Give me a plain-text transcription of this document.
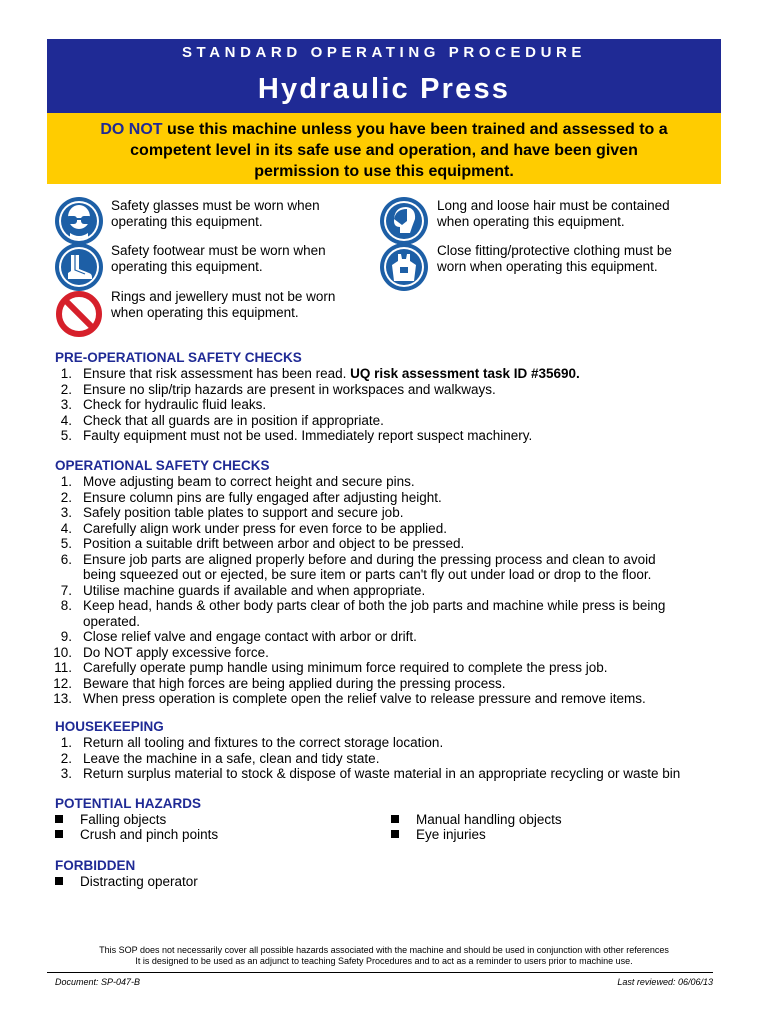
STANDARD OPERATING PROCEDURE
Hydraulic Press
DO NOT use this machine unless you have been trained and assessed to a
competent level in its safe use and operation, and have been given
permission to use this equipment.
Safety glasses must be worn when
operating this equipment.
Safety footwear must be worn when
operating this equipment.
Rings and jewellery must not be worn
when operating this equipment.
Long and loose hair must be contained
when operating this equipment.
Close fitting/protective clothing must be
worn when operating this equipment.
PRE-OPERATIONAL SAFETY CHECKS
1. Ensure that risk assessment has been read. UQ risk assessment task ID #35690.
2. Ensure no slip/trip hazards are present in workspaces and walkways.
3. Check for hydraulic fluid leaks.
4. Check that all guards are in position if appropriate.
5. Faulty equipment must not be used. Immediately report suspect machinery.
OPERATIONAL SAFETY CHECKS
1. Move adjusting beam to correct height and secure pins.
2. Ensure column pins are fully engaged after adjusting height.
3. Safely position table plates to support and secure job.
4. Carefully align work under press for even force to be applied.
5. Position a suitable drift between arbor and object to be pressed.
6. Ensure job parts are aligned properly before and during the pressing process and clean to avoid
being squeezed out or ejected, be sure item or parts can't fly out under load or drop to the floor.
7. Utilise machine guards if available and when appropriate.
8. Keep head, hands & other body parts clear of both the job parts and machine while press is being
operated.
9. Close relief valve and engage contact with arbor or drift.
10. Do NOT apply excessive force.
11. Carefully operate pump handle using minimum force required to complete the press job.
12. Beware that high forces are being applied during the pressing process.
13. When press operation is complete open the relief valve to release pressure and remove items.
HOUSEKEEPING
1. Return all tooling and fixtures to the correct storage location.
2. Leave the machine in a safe, clean and tidy state.
3. Return surplus material to stock & dispose of waste material in an appropriate recycling or waste bin
POTENTIAL HAZARDS
Falling objects
Crush and pinch points
Manual handling objects
Eye injuries
FORBIDDEN
Distracting operator
This SOP does not necessarily cover all possible hazards associated with the machine and should be used in conjunction with other references
It is designed to be used as an adjunct to teaching Safety Procedures and to act as a reminder to users prior to machine use.
Document: SP-047-B	Last reviewed: 06/06/13
